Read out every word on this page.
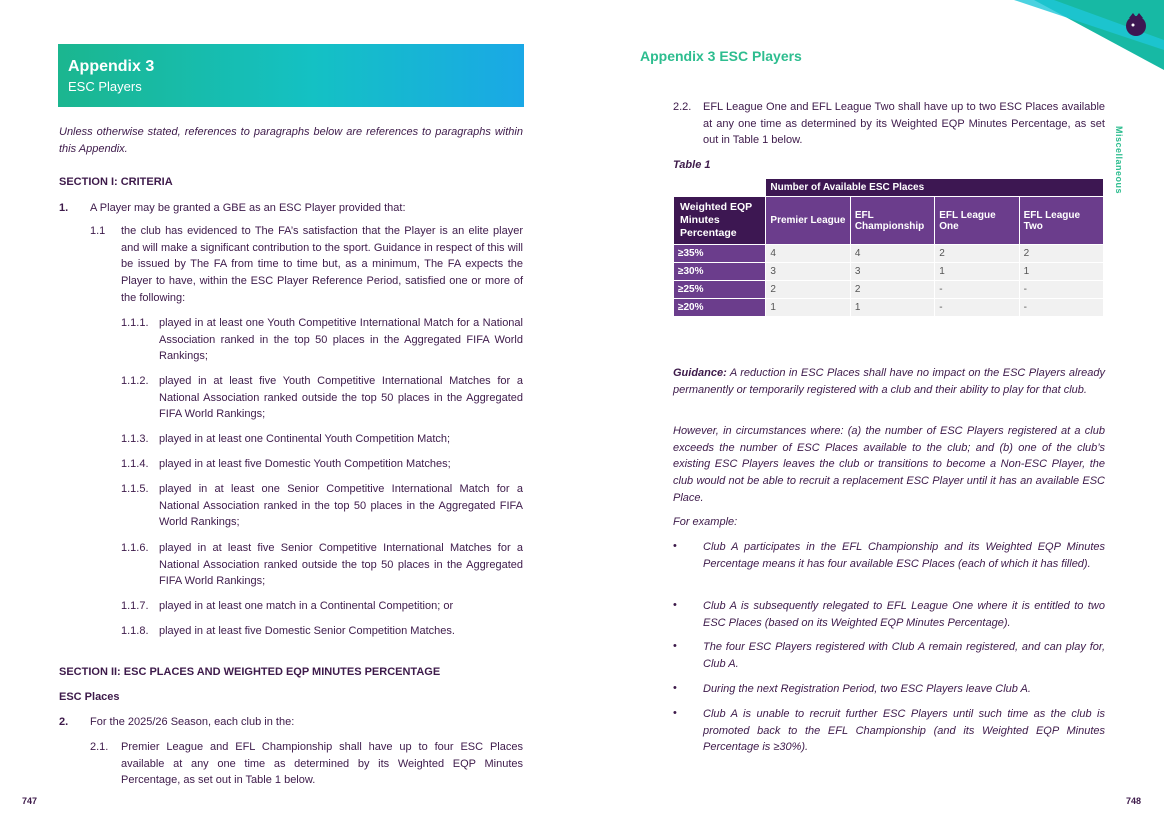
Appendix 3
ESC Players
Unless otherwise stated, references to paragraphs below are references to paragraphs within this Appendix.
SECTION I: CRITERIA
1. A Player may be granted a GBE as an ESC Player provided that:
1.1 the club has evidenced to The FA’s satisfaction that the Player is an elite player and will make a significant contribution to the sport. Guidance in respect of this will be issued by The FA from time to time but, as a minimum, The FA expects the Player to have, within the ESC Player Reference Period, satisfied one or more of the following:
1.1.1. played in at least one Youth Competitive International Match for a National Association ranked in the top 50 places in the Aggregated FIFA World Rankings;
1.1.2. played in at least five Youth Competitive International Matches for a National Association ranked outside the top 50 places in the Aggregated FIFA World Rankings;
1.1.3. played in at least one Continental Youth Competition Match;
1.1.4. played in at least five Domestic Youth Competition Matches;
1.1.5. played in at least one Senior Competitive International Match for a National Association ranked in the top 50 places in the Aggregated FIFA World Rankings;
1.1.6. played in at least five Senior Competitive International Matches for a National Association ranked outside the top 50 places in the Aggregated FIFA World Rankings;
1.1.7. played in at least one match in a Continental Competition; or
1.1.8. played in at least five Domestic Senior Competition Matches.
SECTION II: ESC PLACES AND WEIGHTED EQP MINUTES PERCENTAGE
ESC Places
2. For the 2025/26 Season, each club in the:
2.1. Premier League and EFL Championship shall have up to four ESC Places available at any one time as determined by its Weighted EQP Minutes Percentage, as set out in Table 1 below.
747
Appendix 3 ESC Players
Miscellaneous
2.2. EFL League One and EFL League Two shall have up to two ESC Places available at any one time as determined by its Weighted EQP Minutes Percentage, as set out in Table 1 below.
Table 1
	Number of Available ESC Places			
Weighted EQP Minutes Percentage	Premier League	EFL Championship	EFL League One	EFL League Two
≥35%	4	4	2	2
≥30%	3	3	1	1
≥25%	2	2	-	-
≥20%	1	1	-	-
Guidance: A reduction in ESC Places shall have no impact on the ESC Players already permanently or temporarily registered with a club and their ability to play for that club.
However, in circumstances where: (a) the number of ESC Players registered at a club exceeds the number of ESC Places available to the club; and (b) one of the club’s existing ESC Players leaves the club or transitions to become a Non-ESC Player, the club would not be able to recruit a replacement ESC Player until it has an available ESC Place.
For example:
• Club A participates in the EFL Championship and its Weighted EQP Minutes Percentage means it has four available ESC Places (each of which it has filled).
• Club A is subsequently relegated to EFL League One where it is entitled to two ESC Places (based on its Weighted EQP Minutes Percentage).
• The four ESC Players registered with Club A remain registered, and can play for, Club A.
• During the next Registration Period, two ESC Players leave Club A.
• Club A is unable to recruit further ESC Players until such time as the club is promoted back to the EFL Championship (and its Weighted EQP Minutes Percentage is ≥30%).
748
